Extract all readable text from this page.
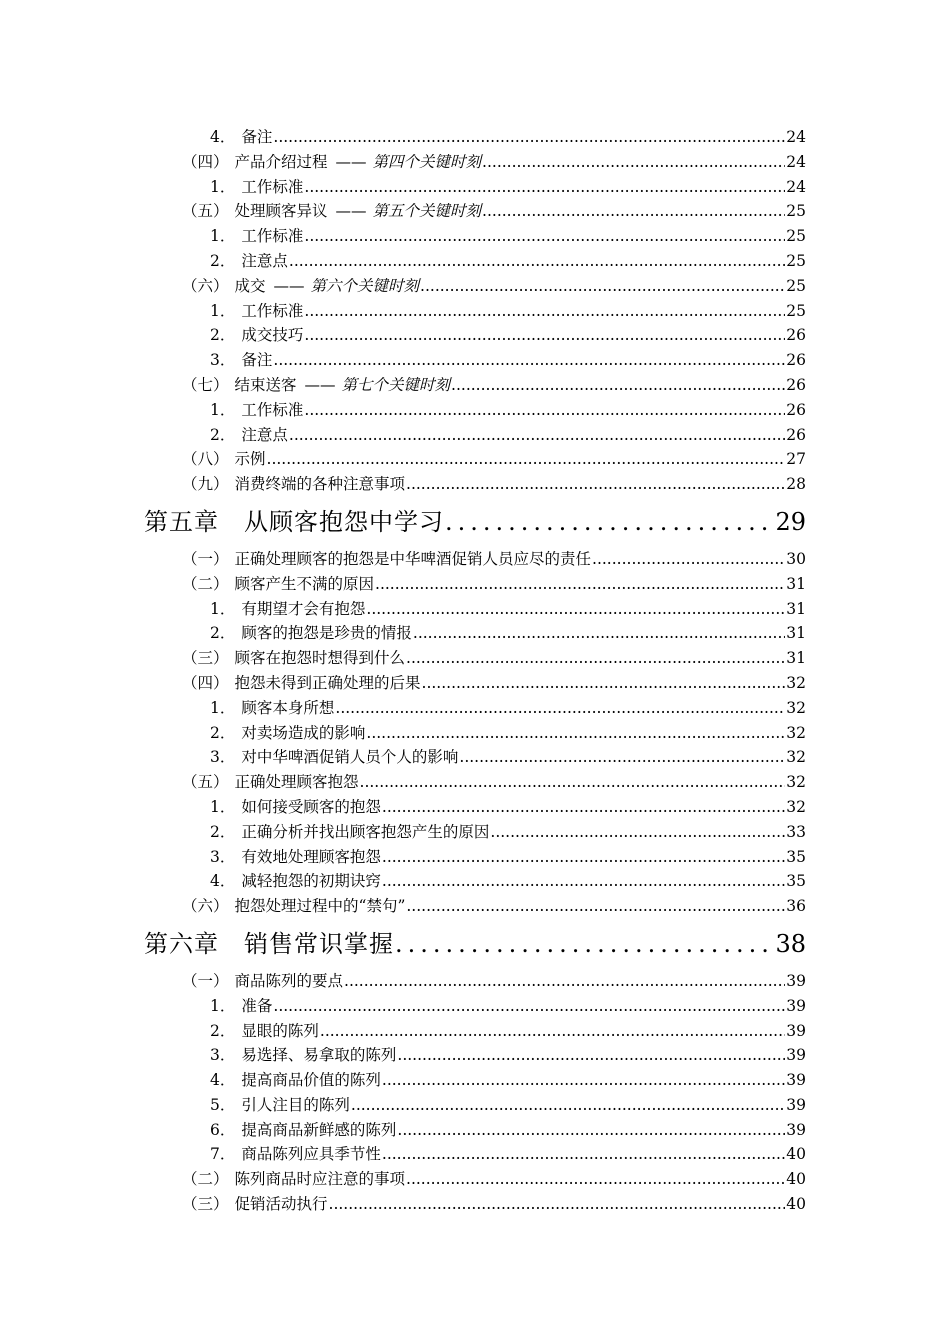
4． 备注 .....	24
（四） 产品介绍过程 —— 第四个关键时刻 .....	24
1． 工作标准 .....	24
（五） 处理顾客异议 —— 第五个关键时刻 .....	25
1． 工作标准 .....	25
2． 注意点 .....	25
（六） 成交 —— 第六个关键时刻 .....	25
1． 工作标准 .....	25
2． 成交技巧 .....	26
3． 备注 .....	26
（七） 结束送客 —— 第七个关键时刻 .....	26
1． 工作标准 .....	26
2． 注意点 .....	26
（八） 示例 .....	27
（九） 消费终端的各种注意事项 .....	28
第五章　从顾客抱怨中学习 .....	29
（一） 正确处理顾客的抱怨是中华啤酒促销人员应尽的责任 .....	30
（二） 顾客产生不满的原因 .....	31
1． 有期望才会有抱怨 .....	31
2． 顾客的抱怨是珍贵的情报 .....	31
（三） 顾客在抱怨时想得到什么 .....	31
（四） 抱怨未得到正确处理的后果 .....	32
1． 顾客本身所想 .....	32
2． 对卖场造成的影响 .....	32
3． 对中华啤酒促销人员个人的影响 .....	32
（五） 正确处理顾客抱怨 .....	32
1． 如何接受顾客的抱怨 .....	32
2． 正确分析并找出顾客抱怨产生的原因 .....	33
3． 有效地处理顾客抱怨 .....	35
4． 减轻抱怨的初期诀窍 .....	35
（六） 抱怨处理过程中的“禁句” .....	36
第六章　销售常识掌握 .....	38
（一） 商品陈列的要点 .....	39
1． 准备 .....	39
2． 显眼的陈列 .....	39
3． 易选择、易拿取的陈列 .....	39
4． 提高商品价值的陈列 .....	39
5． 引人注目的陈列 .....	39
6． 提高商品新鲜感的陈列 .....	39
7． 商品陈列应具季节性 .....	40
（二） 陈列商品时应注意的事项 .....	40
（三） 促销活动执行 .....	40
